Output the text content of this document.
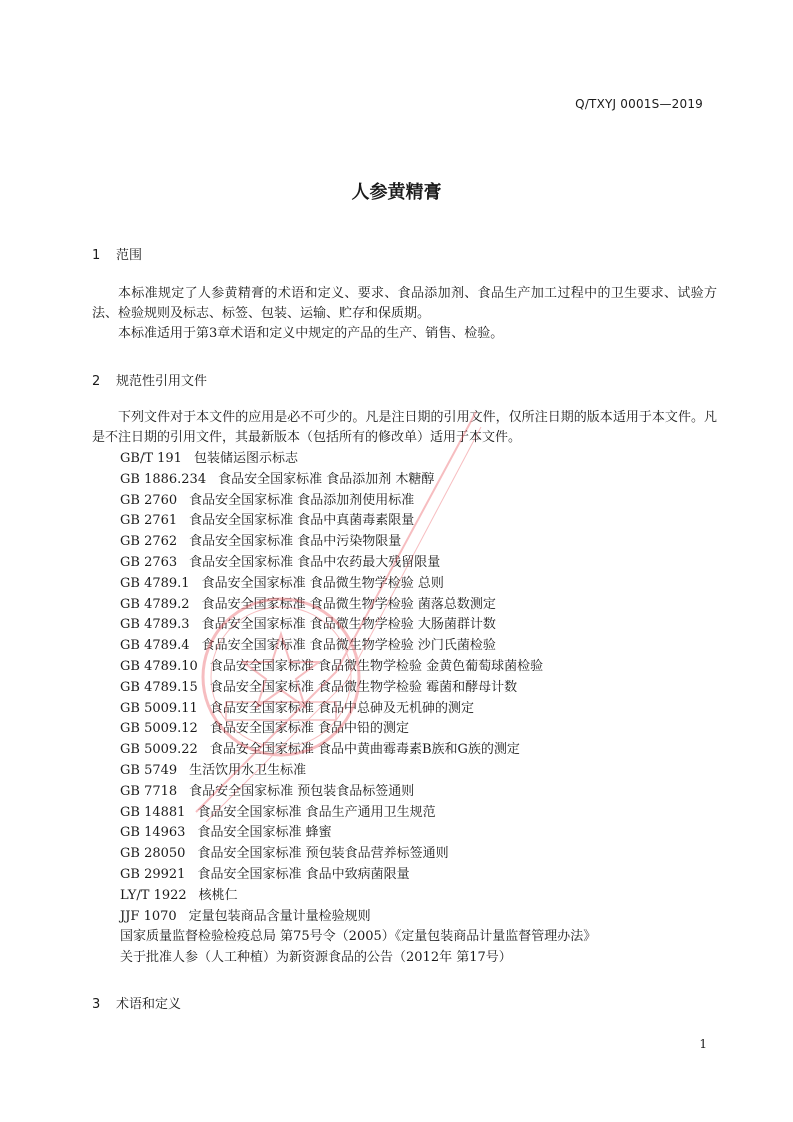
Q/TXYJ 0001S—2019
人参黄精膏
1 范围
本标准规定了人参黄精膏的术语和定义、要求、食品添加剂、食品生产加工过程中的卫生要求、试验方法、检验规则及标志、标签、包装、运输、贮存和保质期。
本标准适用于第3章术语和定义中规定的产品的生产、销售、检验。
2 规范性引用文件
下列文件对于本文件的应用是必不可少的。凡是注日期的引用文件，仅所注日期的版本适用于本文件。凡是不注日期的引用文件，其最新版本（包括所有的修改单）适用于本文件。
GB/T 191 包装储运图示标志
GB 1886.234 食品安全国家标准 食品添加剂 木糖醇
GB 2760 食品安全国家标准 食品添加剂使用标准
GB 2761 食品安全国家标准 食品中真菌毒素限量
GB 2762 食品安全国家标准 食品中污染物限量
GB 2763 食品安全国家标准 食品中农药最大残留限量
GB 4789.1 食品安全国家标准 食品微生物学检验 总则
GB 4789.2 食品安全国家标准 食品微生物学检验 菌落总数测定
GB 4789.3 食品安全国家标准 食品微生物学检验 大肠菌群计数
GB 4789.4 食品安全国家标准 食品微生物学检验 沙门氏菌检验
GB 4789.10 食品安全国家标准 食品微生物学检验 金黄色葡萄球菌检验
GB 4789.15 食品安全国家标准 食品微生物学检验 霉菌和酵母计数
GB 5009.11 食品安全国家标准 食品中总砷及无机砷的测定
GB 5009.12 食品安全国家标准 食品中铅的测定
GB 5009.22 食品安全国家标准 食品中黄曲霉毒素B族和G族的测定
GB 5749 生活饮用水卫生标准
GB 7718 食品安全国家标准 预包装食品标签通则
GB 14881 食品安全国家标准 食品生产通用卫生规范
GB 14963 食品安全国家标准 蜂蜜
GB 28050 食品安全国家标准 预包装食品营养标签通则
GB 29921 食品安全国家标准 食品中致病菌限量
LY/T 1922 核桃仁
JJF 1070 定量包装商品含量计量检验规则
国家质量监督检验检疫总局 第75号令（2005）《定量包装商品计量监督管理办法》
关于批准人参（人工种植）为新资源食品的公告（2012年 第17号）
3 术语和定义
1
